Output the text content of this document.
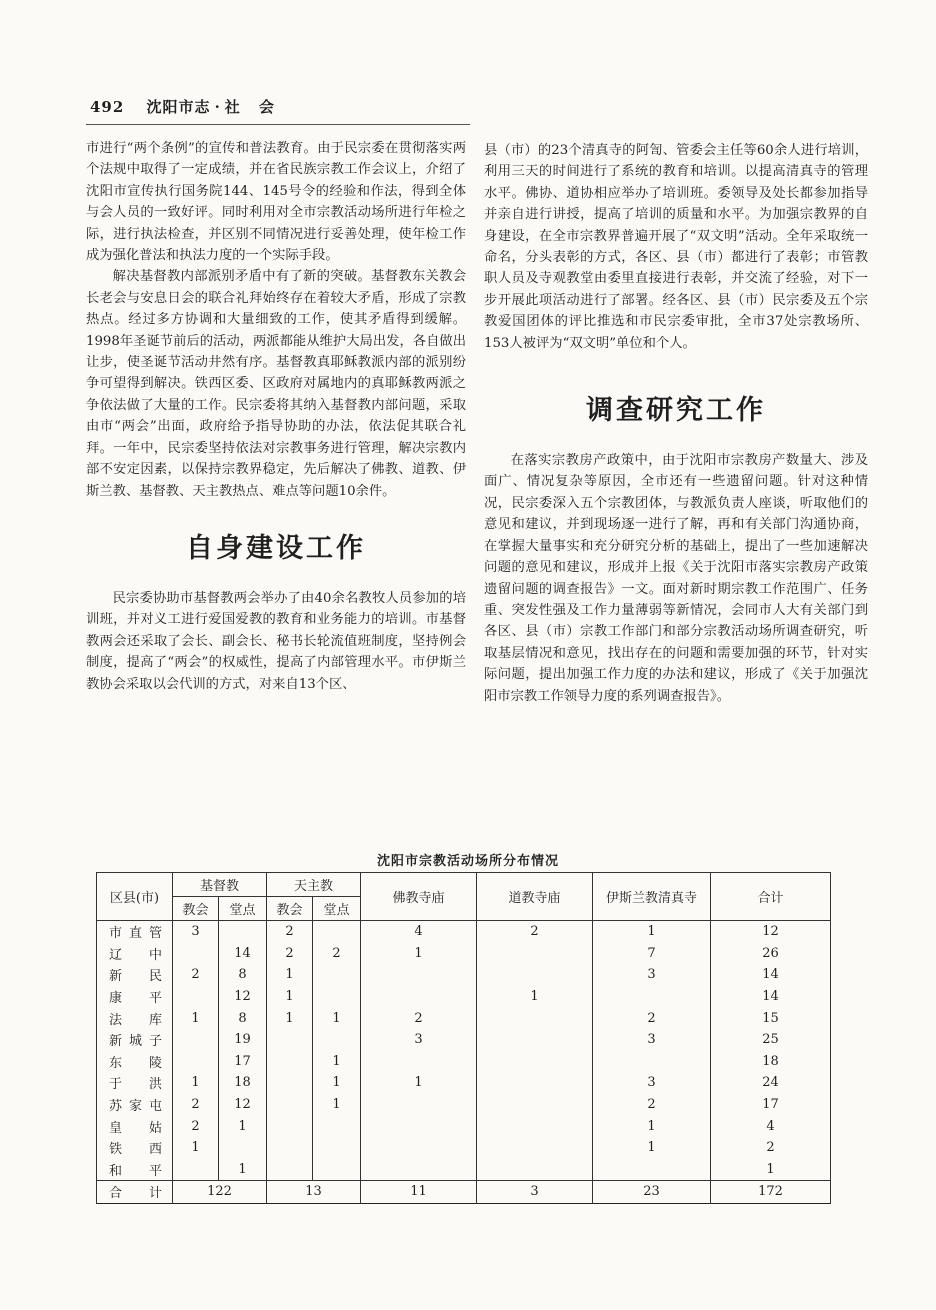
492 沈阳市志 · 社 会

市进行“两个条例”的宣传和普法教育。由于民宗委在贯彻落实两个法规中取得了一定成绩，并在省民族宗教工作会议上，介绍了沈阳市宣传执行国务院144、145号令的经验和作法，得到全体与会人员的一致好评。同时利用对全市宗教活动场所进行年检之际，进行执法检查，并区别不同情况进行妥善处理，使年检工作成为强化普法和执法力度的一个实际手段。

解决基督教内部派别矛盾中有了新的突破。基督教东关教会长老会与安息日会的联合礼拜始终存在着较大矛盾，形成了宗教热点。经过多方协调和大量细致的工作，使其矛盾得到缓解。1998年圣诞节前后的活动，两派都能从维护大局出发，各自做出让步，使圣诞节活动井然有序。基督教真耶稣教派内部的派别纷争可望得到解决。铁西区委、区政府对属地内的真耶稣教两派之争依法做了大量的工作。民宗委将其纳入基督教内部问题，采取由市“两会”出面，政府给予指导协助的办法，依法促其联合礼拜。一年中，民宗委坚持依法对宗教事务进行管理，解决宗教内部不安定因素，以保持宗教界稳定，先后解决了佛教、道教、伊斯兰教、基督教、天主教热点、难点等问题10余件。

自身建设工作

民宗委协助市基督教两会举办了由40余名教牧人员参加的培训班，并对义工进行爱国爱教的教育和业务能力的培训。市基督教两会还采取了会长、副会长、秘书长轮流值班制度，坚持例会制度，提高了“两会”的权威性，提高了内部管理水平。市伊斯兰教协会采取以会代训的方式，对来自13个区、

县（市）的23个清真寺的阿訇、管委会主任等60余人进行培训，利用三天的时间进行了系统的教育和培训。以提高清真寺的管理水平。佛协、道协相应举办了培训班。委领导及处长都参加指导并亲自进行讲授，提高了培训的质量和水平。为加强宗教界的自身建设，在全市宗教界普遍开展了“双文明”活动。全年采取统一命名，分头表彰的方式，各区、县（市）都进行了表彰；市管教职人员及寺观教堂由委里直接进行表彰，并交流了经验，对下一步开展此项活动进行了部署。经各区、县（市）民宗委及五个宗教爱国团体的评比推选和市民宗委审批，全市37处宗教场所、153人被评为“双文明”单位和个人。

调查研究工作

在落实宗教房产政策中，由于沈阳市宗教房产数量大、涉及面广、情况复杂等原因，全市还有一些遗留问题。针对这种情况，民宗委深入五个宗教团体，与教派负责人座谈，听取他们的意见和建议，并到现场逐一进行了解，再和有关部门沟通协商，在掌握大量事实和充分研究分析的基础上，提出了一些加速解决问题的意见和建议，形成并上报《关于沈阳市落实宗教房产政策遗留问题的调查报告》一文。面对新时期宗教工作范围广、任务重、突发性强及工作力量薄弱等新情况，会同市人大有关部门到各区、县（市）宗教工作部门和部分宗教活动场所调查研究，听取基层情况和意见，找出存在的问题和需要加强的环节，针对实际问题，提出加强工作力度的办法和建议，形成了《关于加强沈阳市宗教工作领导力度的系列调查报告》。

沈阳市宗教活动场所分布情况
区县(市)	基督教		天主教		佛教寺庙	道教寺庙	伊斯兰教清真寺	合计
	教会	堂点	教会	堂点				
市直管	3		2		4	2	1	12
辽中		14	2	2	1		7	26
新民	2	8	1				3	14
康平		12	1			1		14
法库	1	8	1	1	2		2	15
新城子		19			3		3	25
东陵		17		1				18
于洪	1	18		1	1		3	24
苏家屯	2	12		1			2	17
皇姑	2	1					1	4
铁西	1						1	2
和平		1						1
合计	122		13		11	3	23	172
